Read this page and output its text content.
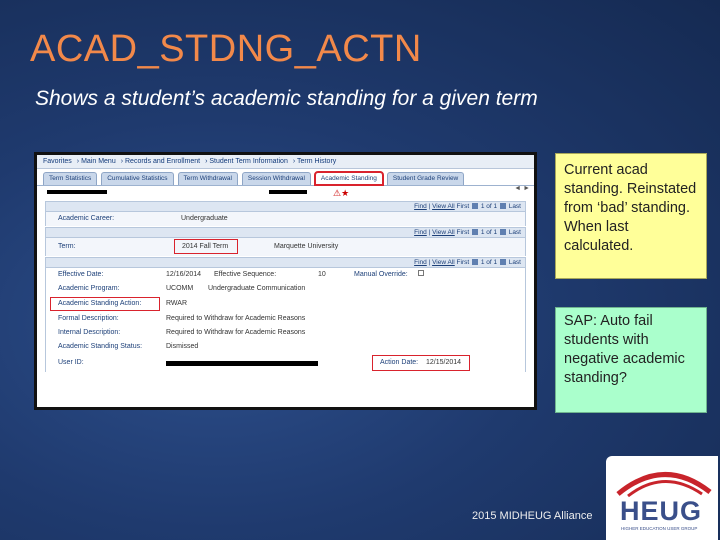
ACAD_STDNG_ACTN
Shows a student’s academic standing for a given term
Favorites › Main Menu › Records and Enrollment › Student Term Information › Term History
Term Statistics Cumulative Statistics Term Withdrawal Session Withdrawal Academic Standing Student Grade Review
◄ ►

⚠★
Find | View All First 1 of 1 Last
Academic Career:	Undergraduate
Find | View All First 1 of 1 Last
Term:	2014 Fall Term	Marquette University
Find | View All First 1 of 1 Last
Effective Date:	12/16/2014 Effective Sequence:	10	Manual Override:
Academic Program:	UCOMM Undergraduate Communication
Academic Standing Action:	RWAR
Formal Description:	Required to Withdraw for Academic Reasons
Internal Description:	Required to Withdraw for Academic Reasons
Academic Standing Status:	Dismissed
User ID:	Action Date: 12/15/2014
Current acad standing. Reinstated from ‘bad’ standing. When last calculated.
SAP: Auto fail students with negative academic standing?
2015 MIDHEUG Alliance HEUG
HIGHER EDUCATION USER GROUP
